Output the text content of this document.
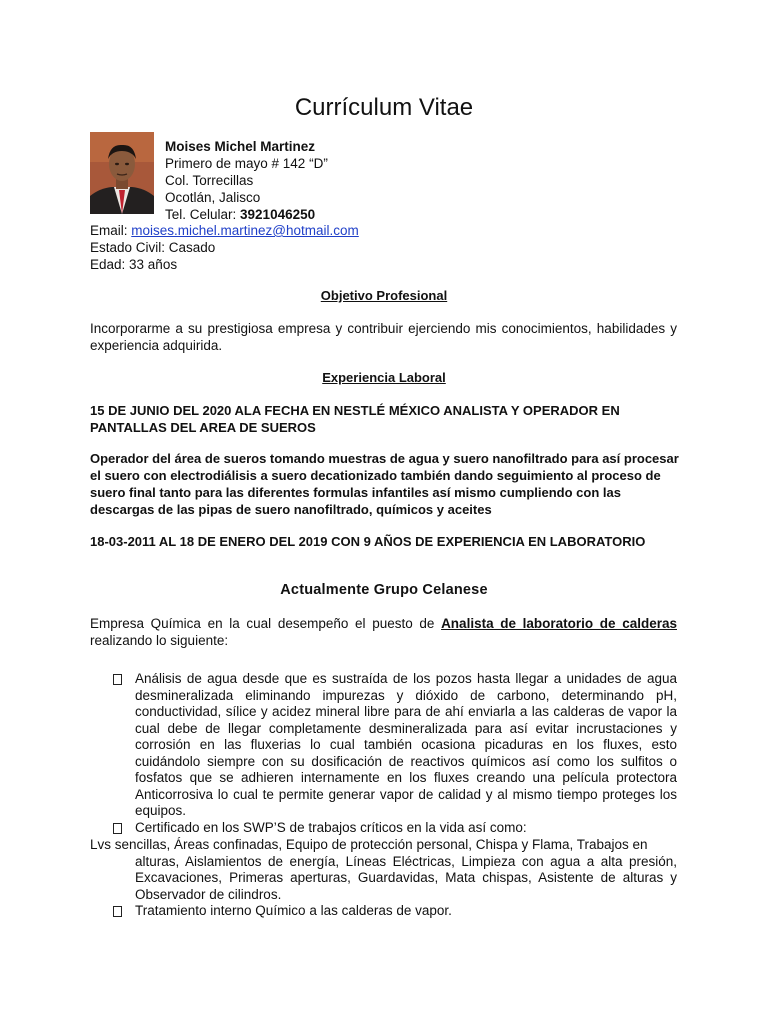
Currículum Vitae
Moises Michel Martinez
Primero de mayo # 142 “D”
Col. Torrecillas
Ocotlán, Jalisco
Tel. Celular: 3921046250
Email: moises.michel.martinez@hotmail.com
Estado Civil: Casado
Edad: 33 años
Objetivo Profesional

Incorporarme a su prestigiosa empresa y contribuir ejerciendo mis conocimientos, habilidades y experiencia adquirida.

Experiencia Laboral

15 DE JUNIO DEL 2020 ALA FECHA EN NESTLÉ MÉXICO ANALISTA Y OPERADOR EN PANTALLAS DEL AREA DE SUEROS

Operador del área de sueros tomando muestras de agua y suero nanofiltrado para así procesar el suero con electrodiálisis a suero decationizado también dando seguimiento al proceso de suero final tanto para las diferentes formulas infantiles así mismo cumpliendo con las descargas de las pipas de suero nanofiltrado, químicos y aceites

18-03-2011 AL 18 DE ENERO DEL 2019 CON 9 AÑOS DE EXPERIENCIA EN LABORATORIO

Actualmente Grupo Celanese

Empresa Química en la cual desempeño el puesto de Analista de laboratorio de calderas realizando lo siguiente:

Análisis de agua desde que es sustraída de los pozos hasta llegar a unidades de agua desmineralizada eliminando impurezas y dióxido de carbono, determinando pH, conductividad, sílice y acidez mineral libre para de ahí enviarla a las calderas de vapor la cual debe de llegar completamente desmineralizada para así evitar incrustaciones y corrosión en las fluxerias lo cual también ocasiona picaduras en los fluxes, esto cuidándolo siempre con su dosificación de reactivos químicos así como los sulfitos o fosfatos que se adhieren internamente en los fluxes creando una película protectora Anticorrosiva lo cual te permite generar vapor de calidad y al mismo tiempo proteges los equipos.
Certificado en los SWP’S de trabajos críticos en la vida así como:
Lvs sencillas, Áreas confinadas, Equipo de protección personal, Chispa y Flama, Trabajos en
alturas, Aislamientos de energía, Líneas Eléctricas, Limpieza con agua a alta presión, Excavaciones, Primeras aperturas, Guardavidas, Mata chispas, Asistente de alturas y Observador de cilindros.
Tratamiento interno Químico a las calderas de vapor.
